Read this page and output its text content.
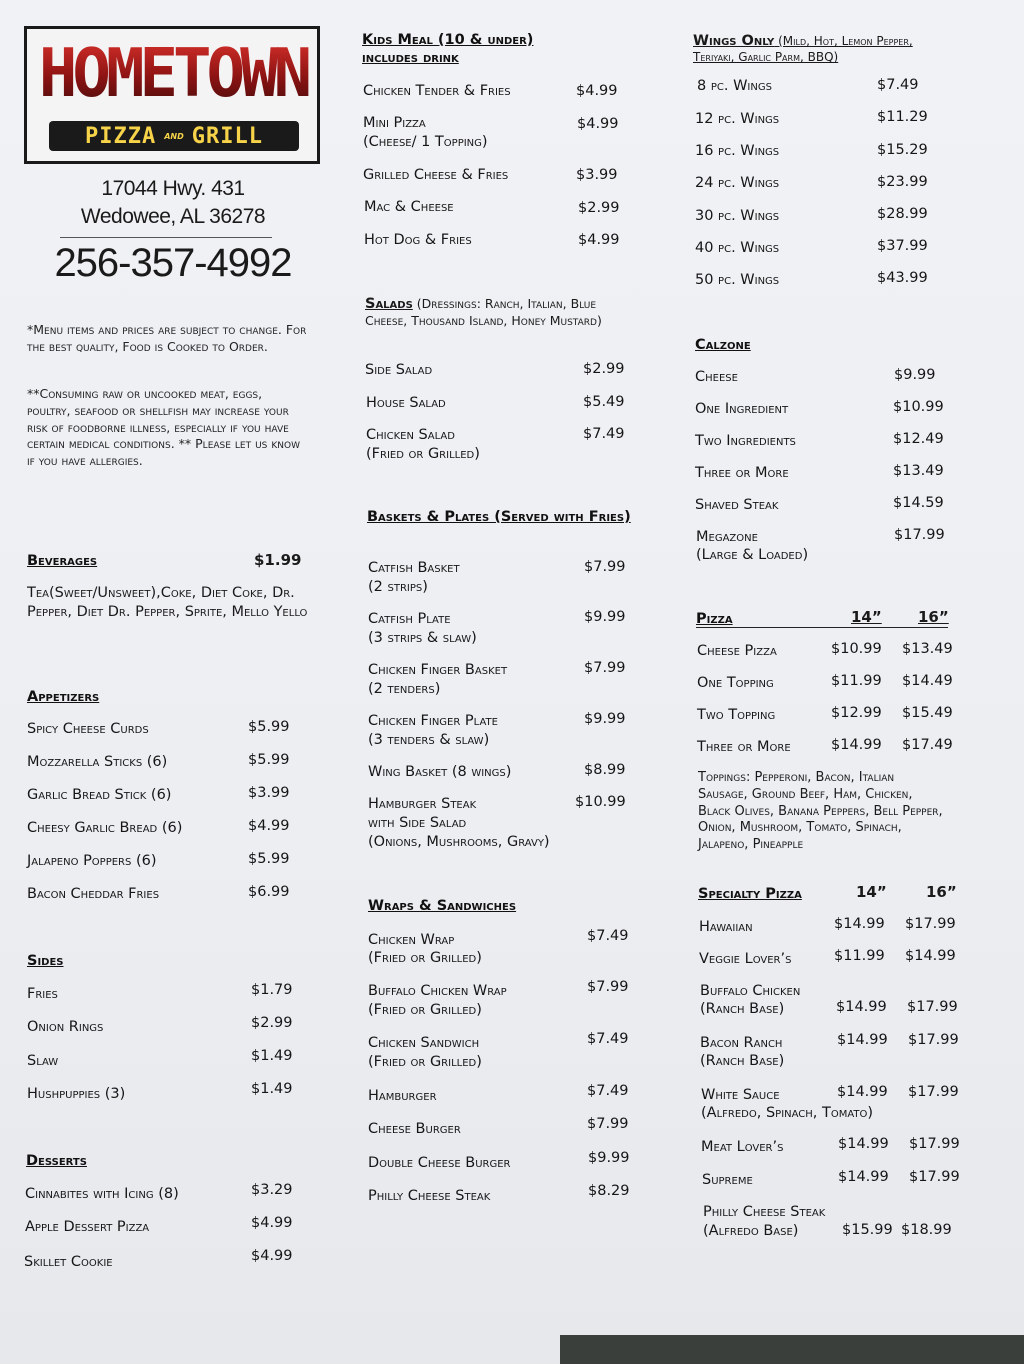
HOMETOWN
PIZZA AND GRILL
17044 Hwy. 431
Wedowee, AL 36278
256-357-4992
*Menu items and prices are subject to change. For the best quality, Food is Cooked to Order.
**Consuming raw or uncooked meat, eggs, poultry, seafood or shellfish may increase your risk of foodborne illness, especially if you have certain medical conditions. ** Please let us know if you have allergies.
Beverages	$1.99
Tea(Sweet/Unsweet),Coke, Diet Coke, Dr. Pepper, Diet Dr. Pepper, Sprite, Mello Yello
Appetizers
Spicy Cheese Curds	$5.99
Mozzarella Sticks (6)	$5.99
Garlic Bread Stick (6)	$3.99
Cheesy Garlic Bread (6)	$4.99
Jalapeno Poppers (6)	$5.99
Bacon Cheddar Fries	$6.99
Sides
Fries	$1.79
Onion Rings	$2.99
Slaw	$1.49
Hushpuppies (3)	$1.49
Desserts
Cinnabites with Icing (8)	$3.29
Apple Dessert Pizza	$4.99
Skillet Cookie	$4.99
Kids Meal (10 & under)
includes drink
Chicken Tender & Fries	$4.99
Mini Pizza
(Cheese/ 1 Topping)
$4.99
Grilled Cheese & Fries	$3.99
Mac & Cheese	$2.99
Hot Dog & Fries	$4.99
Salads (Dressings: Ranch, Italian, Blue Cheese, Thousand Island, Honey Mustard)
Side Salad	$2.99
House Salad	$5.49
Chicken Salad
(Fried or Grilled)
$7.49
Baskets & Plates (Served with Fries)
Catfish Basket
(2 strips)
$7.99
Catfish Plate
(3 strips & slaw)
$9.99
Chicken Finger Basket
(2 tenders)
$7.99
Chicken Finger Plate
(3 tenders & slaw)
$9.99
Wing Basket (8 wings)	$8.99
Hamburger Steak
with Side Salad
(Onions, Mushrooms, Gravy)
$10.99
Wraps & Sandwiches
Chicken Wrap
(Fried or Grilled)
$7.49
Buffalo Chicken Wrap
(Fried or Grilled)
$7.99
Chicken Sandwich
(Fried or Grilled)
$7.49
Hamburger	$7.49
Cheese Burger	$7.99
Double Cheese Burger	$9.99
Philly Cheese Steak	$8.29
Wings Only (Mild, Hot, Lemon Pepper, Teriyaki, Garlic Parm, BBQ)
8 pc. Wings	$7.49
12 pc. Wings	$11.29
16 pc. Wings	$15.29
24 pc. Wings	$23.99
30 pc. Wings	$28.99
40 pc. Wings	$37.99
50 pc. Wings	$43.99
Calzone
Cheese	$9.99
One Ingredient	$10.99
Two Ingredients	$12.49
Three or More	$13.49
Shaved Steak	$14.59
Megazone
(Large & Loaded)
$17.99
Pizza	14” 16”
Cheese Pizza	$10.99 $13.49
One Topping	$11.99 $14.49
Two Topping	$12.99 $15.49
Three or More	$14.99 $17.49
Toppings: Pepperoni, Bacon, Italian Sausage, Ground Beef, Ham, Chicken, Black Olives, Banana Peppers, Bell Pepper, Onion, Mushroom, Tomato, Spinach, Jalapeno, Pineapple
Specialty Pizza	14”	16”
Hawaiian	$14.99 $17.99
Veggie Lover’s	$11.99 $14.99
Buffalo Chicken
(Ranch Base)	$14.99 $17.99
Bacon Ranch
(Ranch Base)
$14.99 $17.99
White Sauce
(Alfredo, Spinach, Tomato)
$14.99 $17.99
Meat Lover’s	$14.99 $17.99
Supreme	$14.99 $17.99
Philly Cheese Steak
(Alfredo Base)	$15.99 $18.99
